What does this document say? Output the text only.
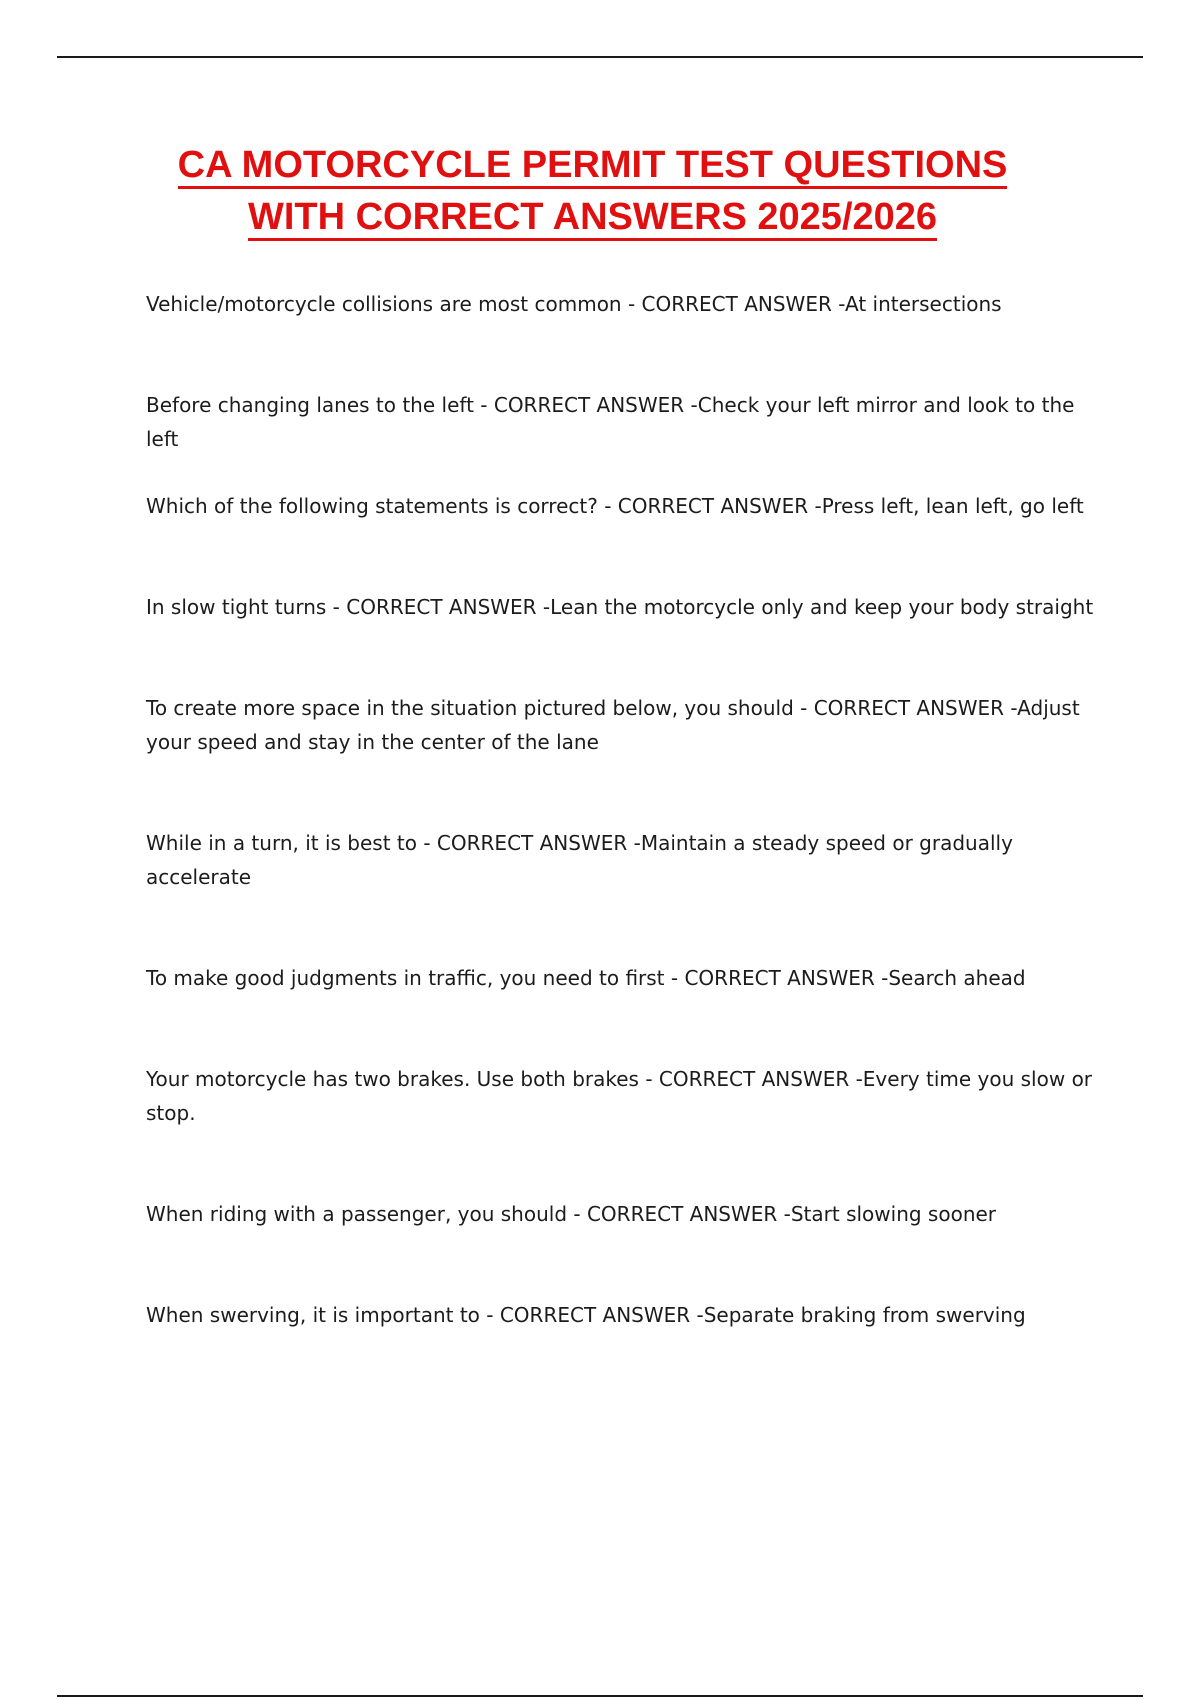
CA MOTORCYCLE PERMIT TEST QUESTIONS
WITH CORRECT ANSWERS 2025/2026
Vehicle/motorcycle collisions are most common - CORRECT ANSWER -At intersections
Before changing lanes to the left - CORRECT ANSWER -Check your left mirror and look to the left
Which of the following statements is correct? - CORRECT ANSWER -Press left, lean left, go left
In slow tight turns - CORRECT ANSWER -Lean the motorcycle only and keep your body straight
To create more space in the situation pictured below, you should - CORRECT ANSWER -Adjust your speed and stay in the center of the lane
While in a turn, it is best to - CORRECT ANSWER -Maintain a steady speed or gradually accelerate
To make good judgments in traffic, you need to first - CORRECT ANSWER -Search ahead
Your motorcycle has two brakes. Use both brakes - CORRECT ANSWER -Every time you slow or stop.
When riding with a passenger, you should - CORRECT ANSWER -Start slowing sooner
When swerving, it is important to - CORRECT ANSWER -Separate braking from swerving
